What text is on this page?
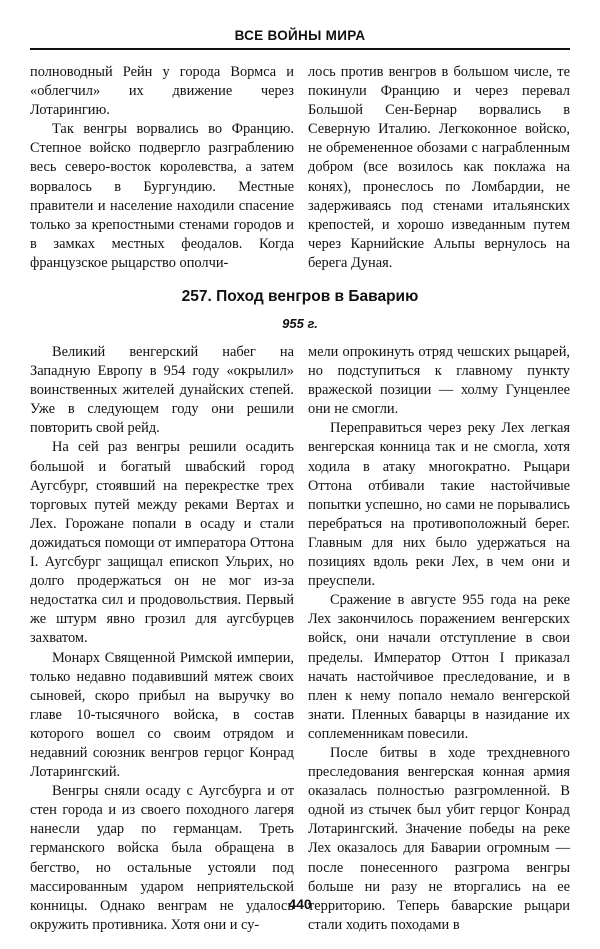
ВСЕ ВОЙНЫ МИРА

полноводный Рейн у города Вормса и «облегчил» их движение через Лотарингию.

Так венгры ворвались во Францию. Степное войско подвергло разграблению весь северо-восток королевства, а затем ворвалось в Бургундию. Местные правители и население находили спасение только за крепостными стенами городов и в замках местных феодалов. Когда французское рыцарство ополчи-

лось против венгров в большом числе, те покинули Францию и через перевал Большой Сен-Бернар ворвались в Северную Италию. Легкоконное войско, не обремененное обозами с награбленным добром (все возилось как поклажа на конях), пронеслось по Ломбардии, не задерживаясь под стенами итальянских крепостей, и хорошо изведанным путем через Карнийские Альпы вернулось на берега Дуная.

257. Поход венгров в Баварию
955 г.

Великий венгерский набег на Западную Европу в 954 году «окрылил» воинственных жителей дунайских степей. Уже в следующем году они решили повторить свой рейд.

На сей раз венгры решили осадить большой и богатый швабский город Аугсбург, стоявший на перекрестке трех торговых путей между реками Вертах и Лех. Горожане попали в осаду и стали дожидаться помощи от императора Оттона I. Аугсбург защищал епископ Ульрих, но долго продержаться он не мог из-за недостатка сил и продовольствия. Первый же штурм явно грозил для аугсбурцев захватом.

Монарх Священной Римской империи, только недавно подавивший мятеж своих сыновей, скоро прибыл на выручку во главе 10-тысячного войска, в состав которого вошел со своим отрядом и недавний союзник венгров герцог Конрад Лотарингский.

Венгры сняли осаду с Аугсбурга и от стен города и из своего походного лагеря нанесли удар по германцам. Треть германского войска была обращена в бегство, но остальные устояли под массированным ударом неприятельской конницы. Однако венграм не удалось окружить противника. Хотя они и су-

мели опрокинуть отряд чешских рыцарей, но подступиться к главному пункту вражеской позиции — холму Гунценлее они не смогли.

Переправиться через реку Лех легкая венгерская конница так и не смогла, хотя ходила в атаку многократно. Рыцари Оттона отбивали такие настойчивые попытки успешно, но сами не порывались перебраться на противоположный берег. Главным для них было удержаться на позициях вдоль реки Лех, в чем они и преуспели.

Сражение в августе 955 года на реке Лех закончилось поражением венгерских войск, они начали отступление в свои пределы. Император Оттон I приказал начать настойчивое преследование, и в плен к нему попало немало венгерской знати. Пленных баварцы в назидание их соплеменникам повесили.

После битвы в ходе трехдневного преследования венгерская конная армия оказалась полностью разгромленной. В одной из стычек был убит герцог Конрад Лотарингский. Значение победы на реке Лех оказалось для Баварии огромным — после понесенного разгрома венгры больше ни разу не вторгались на ее территорию. Теперь баварские рыцари стали ходить походами в

440
